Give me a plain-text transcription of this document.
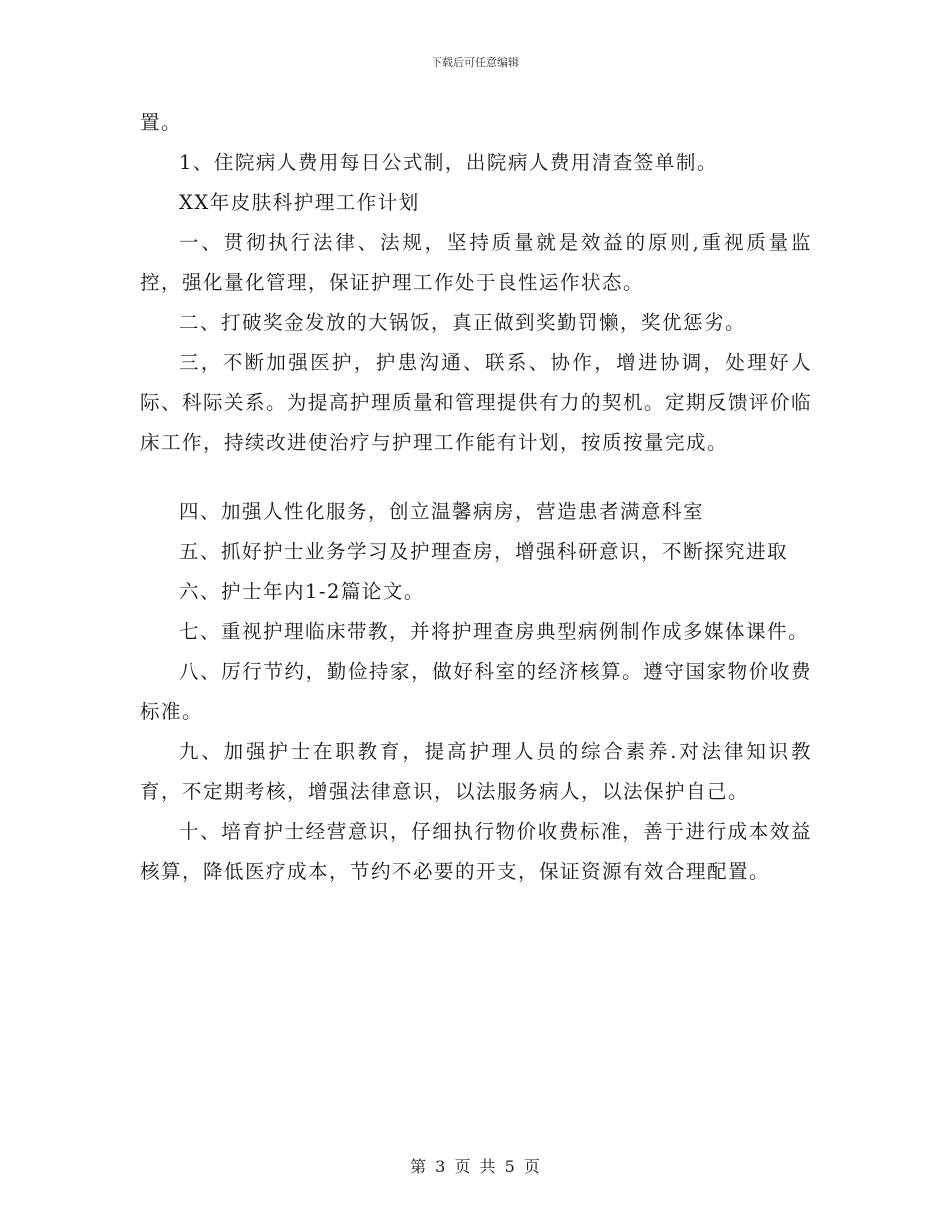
下载后可任意编辑

置。

1、住院病人费用每日公式制，出院病人费用清查签单制。

XX年皮肤科护理工作计划

一、贯彻执行法律、法规，坚持质量就是效益的原则,重视质量监控，强化量化管理，保证护理工作处于良性运作状态。

二、打破奖金发放的大锅饭，真正做到奖勤罚懒，奖优惩劣。

三，不断加强医护，护患沟通、联系、协作，增进协调，处理好人际、科际关系。为提高护理质量和管理提供有力的契机。定期反馈评价临床工作，持续改进使治疗与护理工作能有计划，按质按量完成。

四、加强人性化服务，创立温馨病房，营造患者满意科室

五、抓好护士业务学习及护理查房，增强科研意识，不断探究进取

六、护士年内1-2篇论文。

七、重视护理临床带教，并将护理查房典型病例制作成多媒体课件。

八、厉行节约，勤俭持家，做好科室的经济核算。遵守国家物价收费标准。

九、加强护士在职教育，提高护理人员的综合素养.对法律知识教育，不定期考核，增强法律意识，以法服务病人，以法保护自己。

十、培育护士经营意识，仔细执行物价收费标准，善于进行成本效益核算，降低医疗成本，节约不必要的开支，保证资源有效合理配置。

第 3 页 共 5 页
